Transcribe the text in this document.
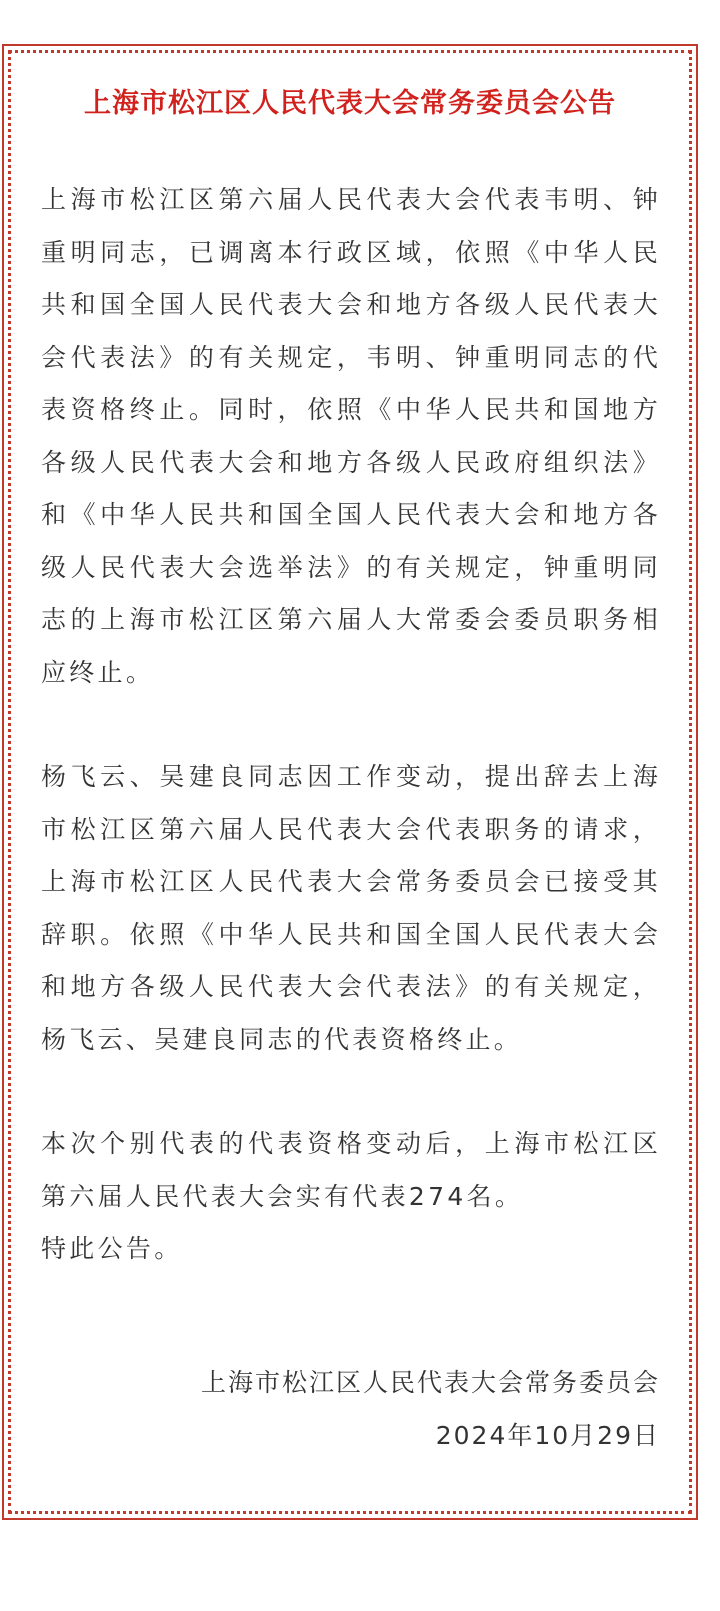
上海市松江区人民代表大会常务委员会公告

上海市松江区第六届人民代表大会代表韦明、钟重明同志，已调离本行政区域，依照《中华人民共和国全国人民代表大会和地方各级人民代表大会代表法》的有关规定，韦明、钟重明同志的代表资格终止。同时，依照《中华人民共和国地方各级人民代表大会和地方各级人民政府组织法》和《中华人民共和国全国人民代表大会和地方各级人民代表大会选举法》的有关规定，钟重明同志的上海市松江区第六届人大常委会委员职务相应终止。

杨飞云、吴建良同志因工作变动，提出辞去上海市松江区第六届人民代表大会代表职务的请求，上海市松江区人民代表大会常务委员会已接受其辞职。依照《中华人民共和国全国人民代表大会和地方各级人民代表大会代表法》的有关规定，杨飞云、吴建良同志的代表资格终止。

本次个别代表的代表资格变动后，上海市松江区第六届人民代表大会实有代表274名。

特此公告。

上海市松江区人民代表大会常务委员会
2024年10月29日
